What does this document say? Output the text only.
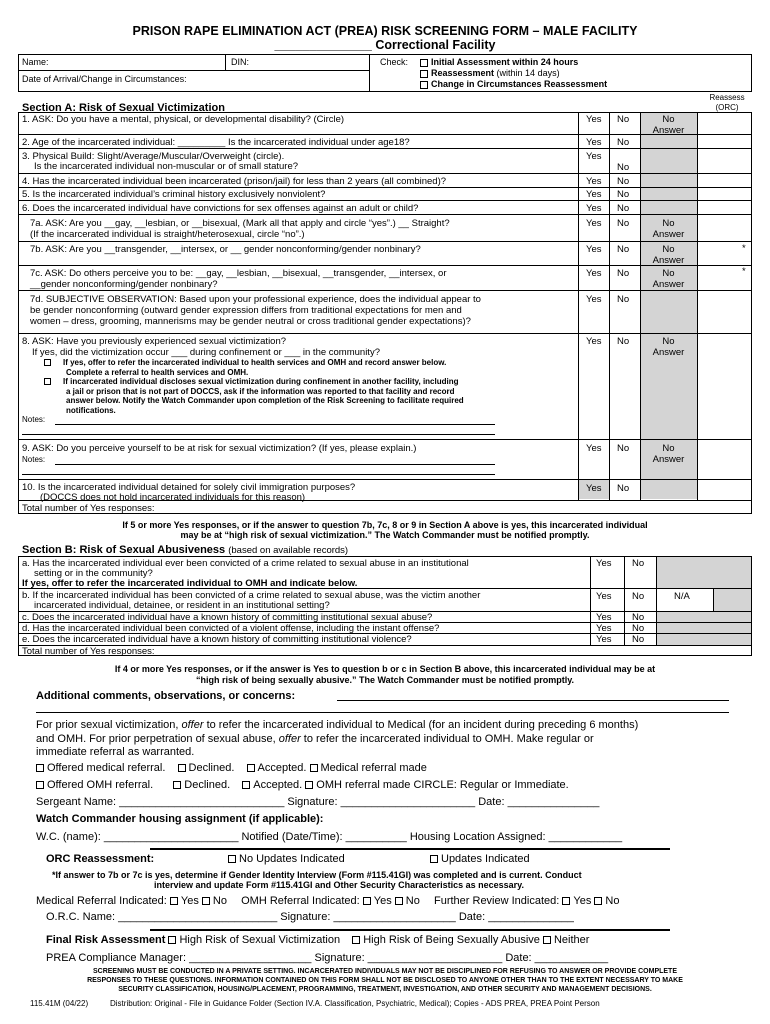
PRISON RAPE ELIMINATION ACT (PREA) RISK SCREENING FORM – MALE FACILITY
______________ Correctional Facility
Name:	DIN:
Date of Arrival/Change in Circumstances:
Check:	Initial Assessment within 24 hours
Reassessment (within 14 days)
Change in Circumstances Reassessment
Section A: Risk of Sexual Victimization
Reassess (ORC)
1. ASK: Do you have a mental, physical, or developmental disability? (Circle)	Yes No	No
Answer
2. Age of the incarcerated individual: _________ Is the incarcerated individual under age18?	Yes No
3. Physical Build: Slight/Average/Muscular/Overweight (circle).
Is the incarcerated individual non-muscular or of small stature?
Yes
No
4. Has the incarcerated individual been incarcerated (prison/jail) for less than 2 years (all combined)?	Yes No
5. Is the incarcerated individual’s criminal history exclusively nonviolent?	Yes No
6. Does the incarcerated individual have convictions for sex offenses against an adult or child?	Yes No
7a. ASK: Are you __gay, __lesbian, or __bisexual, (Mark all that apply and circle “yes”.) __ Straight?
(If the incarcerated individual is straight/heterosexual, circle “no”.)
Yes No	No
Answer
7b. ASK: Are you __transgender, __intersex, or __ gender nonconforming/gender nonbinary?	Yes No	No
Answer
*
7c. ASK: Do others perceive you to be: __gay, __lesbian, __bisexual, __transgender, __intersex, or
__gender nonconforming/gender nonbinary?
Yes No	No
Answer
*
7d. SUBJECTIVE OBSERVATION: Based upon your professional experience, does the individual appear to
be gender nonconforming (outward gender expression differs from traditional expectations for men and
women – dress, grooming, mannerisms may be gender neutral or cross traditional gender expectations)?
Yes No
8. ASK: Have you previously experienced sexual victimization?
If yes, did the victimization occur ___ during confinement or ___ in the community?
Yes No	No
Answer
If yes, offer to refer the incarcerated individual to health services and OMH and record answer below.
Complete a referral to health services and OMH.
If incarcerated individual discloses sexual victimization during confinement in another facility, including
a jail or prison that is not part of DOCCS, ask if the information was reported to that facility and record
answer below. Notify the Watch Commander upon completion of the Risk Screening to facilitate required
notifications.
Notes:
9. ASK: Do you perceive yourself to be at risk for sexual victimization? (If yes, please explain.)	Yes No	No
Answer
Notes:
10. Is the incarcerated individual detained for solely civil immigration purposes?
(DOCCS does not hold incarcerated individuals for this reason)
Yes No
Total number of Yes responses:
If 5 or more Yes responses, or if the answer to question 7b, 7c, 8 or 9 in Section A above is yes, this incarcerated individual
may be at “high risk of sexual victimization.” The Watch Commander must be notified promptly.
Section B: Risk of Sexual Abusiveness (based on available records)
a. Has the incarcerated individual ever been convicted of a crime related to sexual abuse in an institutional
setting or in the community?
If yes, offer to refer the incarcerated individual to OMH and indicate below.
Yes No
b. If the incarcerated individual has been convicted of a crime related to sexual abuse, was the victim another
incarcerated individual, detainee, or resident in an institutional setting?
Yes No	N/A
c. Does the incarcerated individual have a known history of committing institutional sexual abuse?	Yes No
d. Has the incarcerated individual been convicted of a violent offense, including the instant offense?	Yes No
e. Does the incarcerated individual have a known history of committing institutional violence?	Yes No
Total number of Yes responses:
If 4 or more Yes responses, or if the answer is Yes to question b or c in Section B above, this incarcerated individual may be at
“high risk of being sexually abusive.” The Watch Commander must be notified promptly.
Additional comments, observations, or concerns:
For prior sexual victimization, offer to refer the incarcerated individual to Medical (for an incident during preceding 6 months)
and OMH. For prior perpetration of sexual abuse, offer to refer the incarcerated individual to OMH. Make regular or
immediate referral as warranted.
Offered medical referral. Declined. Accepted. Medical referral made
Offered OMH referral.	Declined. Accepted. OMH referral made CIRCLE: Regular or Immediate.
Sergeant Name: ___________________________ Signature: ______________________ Date: _______________
Watch Commander housing assignment (if applicable):
W.C. (name): ______________________ Notified (Date/Time): __________ Housing Location Assigned: ____________
ORC Reassessment:	No Updates Indicated	Updates Indicated
*If answer to 7b or 7c is yes, determine if Gender Identity Interview (Form #115.41GI) was completed and is current. Conduct
interview and update Form #115.41GI and Other Security Characteristics as necessary.
Medical Referral Indicated: Yes No OMH Referral Indicated: Yes No Further Review Indicated: Yes No
O.R.C. Name: __________________________ Signature: ____________________ Date: ______________
Final Risk Assessment High Risk of Sexual Victimization High Risk of Being Sexually Abusive Neither
PREA Compliance Manager: ____________________ Signature: ______________________ Date: ____________
SCREENING MUST BE CONDUCTED IN A PRIVATE SETTING. INCARCERATED INDIVIDUALS MAY NOT BE DISCIPLINED FOR REFUSING TO ANSWER OR PROVIDE COMPLETE
RESPONSES TO THESE QUESTIONS. INFORMATION CONTAINED ON THIS FORM SHALL NOT BE DISCLOSED TO ANYONE OTHER THAN TO THE EXTENT NECESSARY TO MAKE
SECURITY CLASSIFICATION, HOUSING/PLACEMENT, PROGRAMMING, TREATMENT, INVESTIGATION, AND OTHER SECURITY AND MANAGEMENT DECISIONS.
115.41M (04/22)	Distribution: Original - File in Guidance Folder (Section IV.A. Classification, Psychiatric, Medical); Copies - ADS PREA, PREA Point Person
